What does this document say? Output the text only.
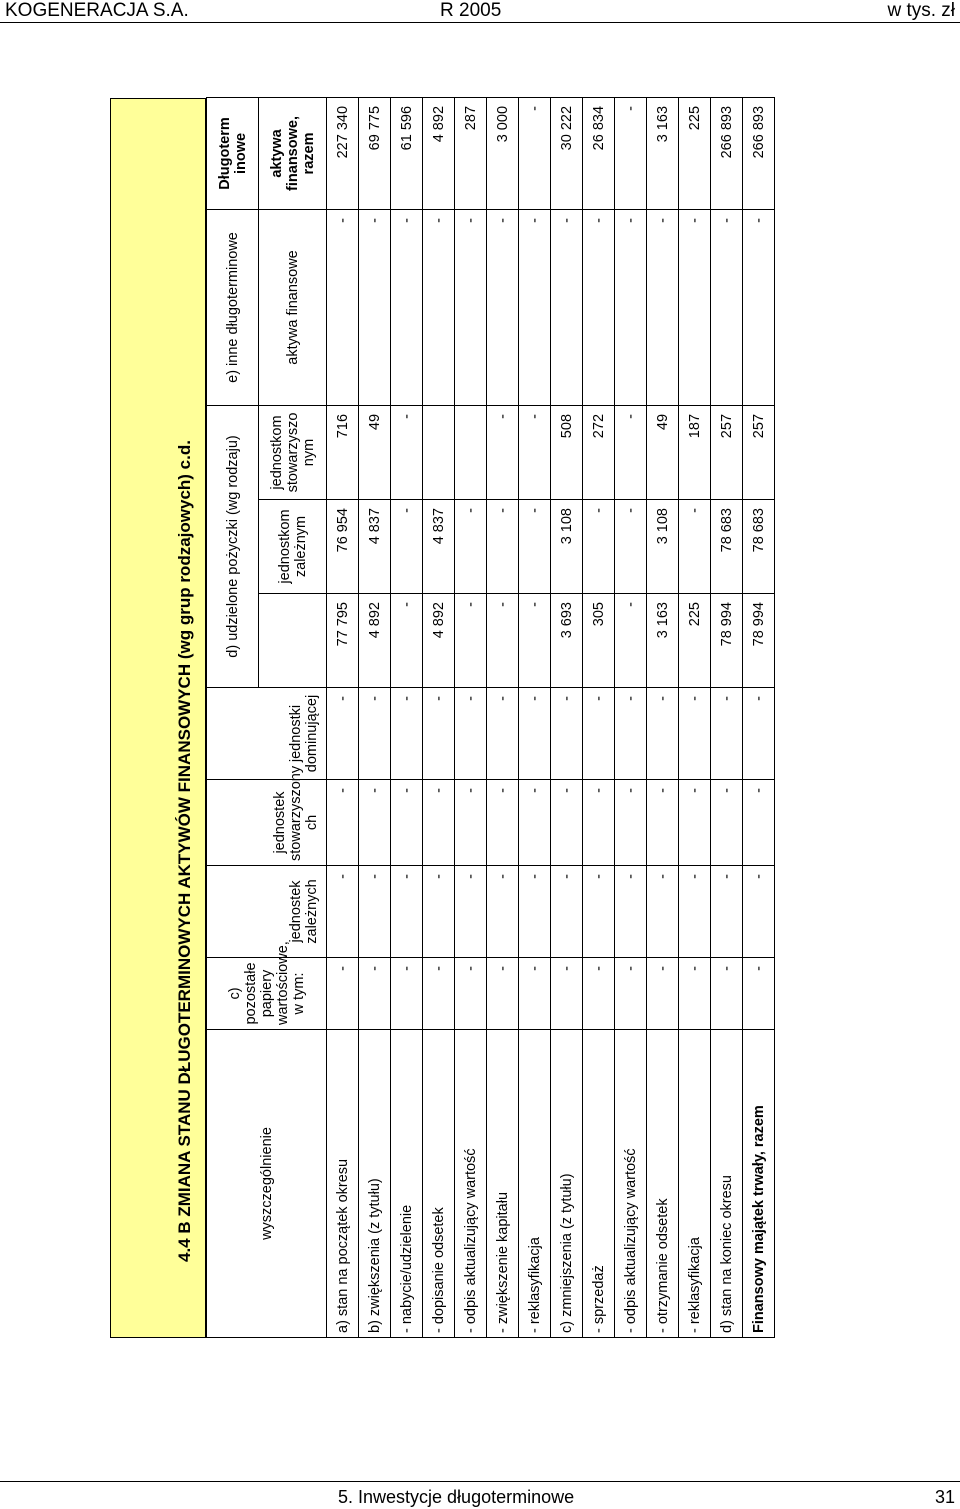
KOGENERACJA S.A.	R 2005	w tys. zł
4.4 B ZMIANA STANU DŁUGOTERMINOWYCH AKTYWÓW FINANSOWYCH (wg grup rodzajowych) c.d.	wyszczególnienie	c) pozostałe papiery wartościowe, w tym:	jednostek zależnych	jednostek stowarzyszony ch	jednostki dominującej	d) udzielone pożyczki (wg rodzaju)			e) inne długoterminowe	Długoterm inowe
						jednostkom zależnym	jednostkom stowarzyszo nym	aktywa finansowe	aktywa finansowe, razem
a) stan na początek okresu	-	-	-	-	77 795	76 954	716	-	227 340
b) zwiększenia (z tytułu)	-	-	-	-	4 892	4 837	49	-	69 775
- nabycie/udzielenie	-	-	-	-	-	-	-	-	61 596
- dopisanie odsetek	-	-	-	-	4 892	4 837		-	4 892
- odpis aktualizujący wartość	-	-	-	-	-	-		-	287
- zwiększenie kapitału	-	-	-	-	-	-	-	-	3 000
- reklasyfikacja	-	-	-	-	-	-	-	-	-
c) zmniejszenia (z tytułu)	-	-	-	-	3 693	3 108	508	-	30 222
- sprzedaż	-	-	-	-	305	-	272	-	26 834
- odpis aktualizujący wartość	-	-	-	-	-	-	-	-	-
- otrzymanie odsetek	-	-	-	-	3 163	3 108	49	-	3 163
- reklasyfikacja	-	-	-	-	225	-	187	-	225
d) stan na koniec okresu	-	-	-	-	78 994	78 683	257	-	266 893
Finansowy majątek trwały, razem	-	-	-	-	78 994	78 683	257	-	266 893
5. Inwestycje długoterminowe	31
